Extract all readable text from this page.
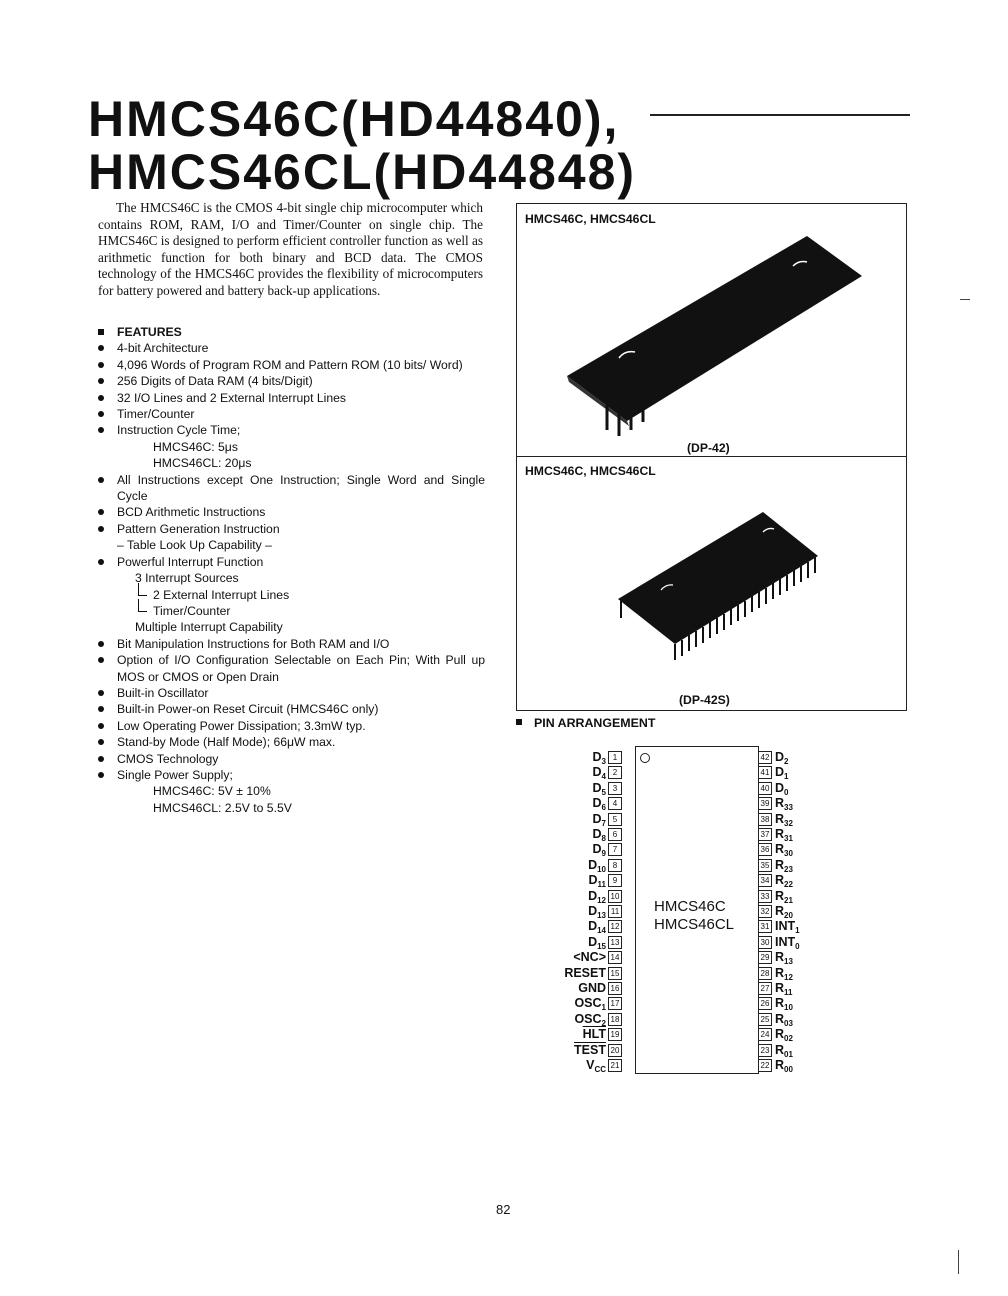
HMCS46C(HD44840),
HMCS46CL(HD44848)
The HMCS46C is the CMOS 4-bit single chip microcomputer which contains ROM, RAM, I/O and Timer/Counter on single chip. The HMCS46C is designed to perform efficient controller function as well as arithmetic function for both binary and BCD data. The CMOS technology of the HMCS46C provides the flexibility of microcomputers for battery powered and battery back-up applications.
FEATURES
4-bit Architecture
4,096 Words of Program ROM and Pattern ROM (10 bits/ Word)
256 Digits of Data RAM (4 bits/Digit)
32 I/O Lines and 2 External Interrupt Lines
Timer/Counter
Instruction Cycle Time;
HMCS46C: 5μs
HMCS46CL: 20μs
All Instructions except One Instruction; Single Word and Single Cycle
BCD Arithmetic Instructions
Pattern Generation Instruction
– Table Look Up Capability –
Powerful Interrupt Function
3 Interrupt Sources
2 External Interrupt Lines
Timer/Counter
Multiple Interrupt Capability
Bit Manipulation Instructions for Both RAM and I/O
Option of I/O Configuration Selectable on Each Pin; With Pull up MOS or CMOS or Open Drain
Built-in Oscillator
Built-in Power-on Reset Circuit (HMCS46C only)
Low Operating Power Dissipation; 3.3mW typ.
Stand-by Mode (Half Mode); 66μW max.
CMOS Technology
Single Power Supply;
HMCS46C: 5V ± 10%
HMCS46CL: 2.5V to 5.5V
HMCS46C, HMCS46CL
(DP-42)
HMCS46C, HMCS46CL
(DP-42S)
PIN ARRANGEMENT
HMCS46C
HMCS46CL
$D_3$ 1
$D_4$ 2
$D_5$ 3
$D_6$ 4
$D_7$ 5
$D_8$ 6
$D_9$ 7
$D_{10}$ 8
$D_{11}$ 9
$D_{12}$ 10
$D_{13}$ 11
$D_{14}$ 12
$D_{15}$ 13
<NC> 14
RESET 15
GND 16
$OSC_1$ 17
$OSC_2$ 18
$\overline{HLT}$ 19
TEST 20
$V_{CC}$ 21
42 $D_2$
41 $D_1$
40 $D_0$
39 $R_{33}$
38 $R_{32}$
37 $R_{31}$
36 $R_{30}$
35 $R_{23}$
34 $R_{22}$
33 $R_{21}$
32 $R_{20}$
31 $INT_1$
30 $INT_0$
29 $R_{13}$
28 $R_{12}$
27 $R_{11}$
26 $R_{10}$
25 $R_{03}$
24 $R_{02}$
23 $R_{01}$
22 $R_{00}$
82
